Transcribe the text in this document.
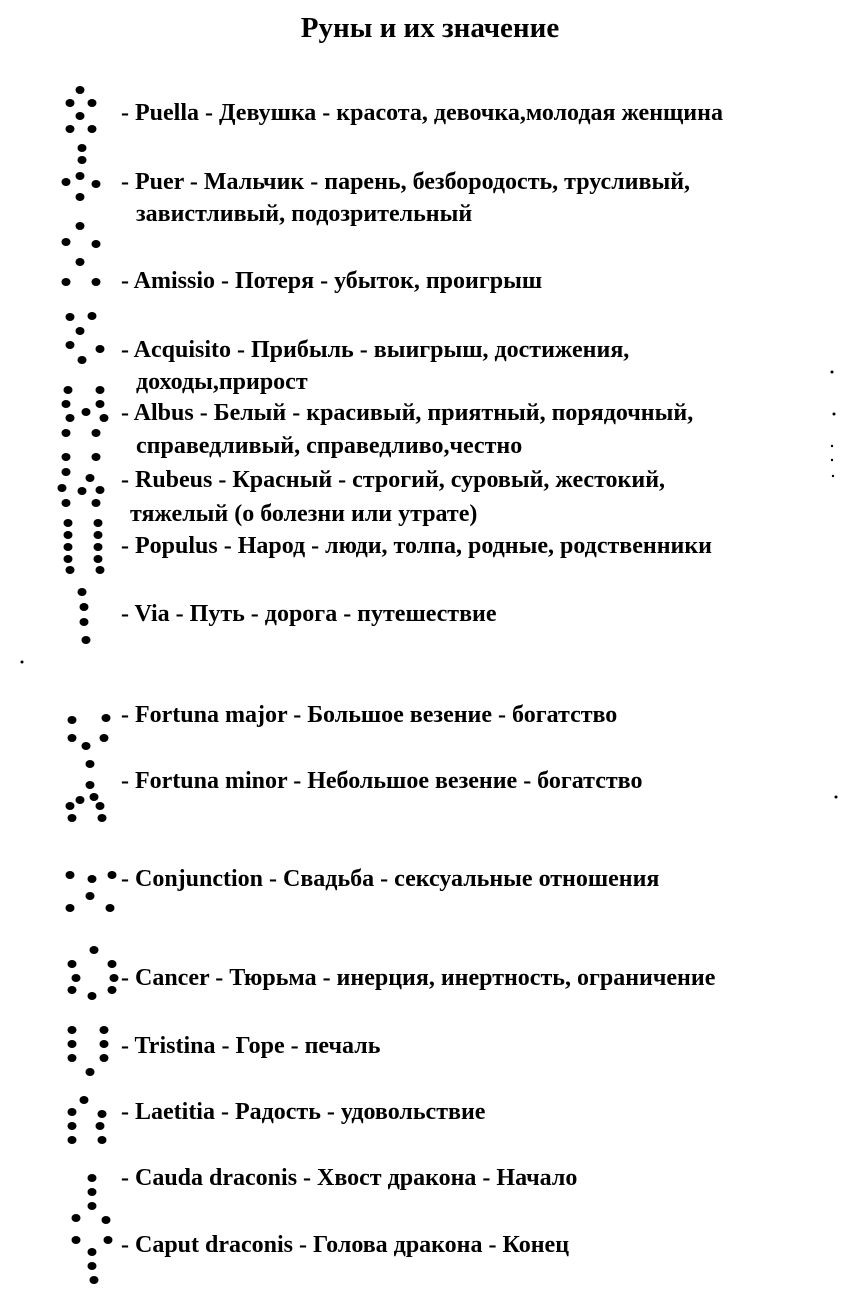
Руны и их значение
- Puella - Девушка - красота, девочка,молодая женщина
- Puer - Мальчик - парень, безбородость, трусливый,
завистливый, подозрительный
- Amissio - Потеря - убыток, проигрыш
- Acquisito - Прибыль - выигрыш, достижения,
доходы,прирост
- Albus - Белый - красивый, приятный, порядочный,
справедливый, справедливо,честно
- Rubeus - Красный - строгий, суровый, жестокий,
тяжелый (о болезни или утрате)
- Populus - Народ - люди, толпа, родные, родственники
- Via - Путь - дорога - путешествие
- Fortuna major - Большое везение - богатство
- Fortuna minor - Небольшое везение - богатство
- Conjunction - Свадьба - сексуальные отношения
- Cancer - Тюрьма - инерция, инертность, ограничение
- Tristina - Горе - печаль
- Laetitia - Радость - удовольствие
- Cauda draconis - Хвост дракона - Начало
- Caput draconis - Голова дракона - Конец
